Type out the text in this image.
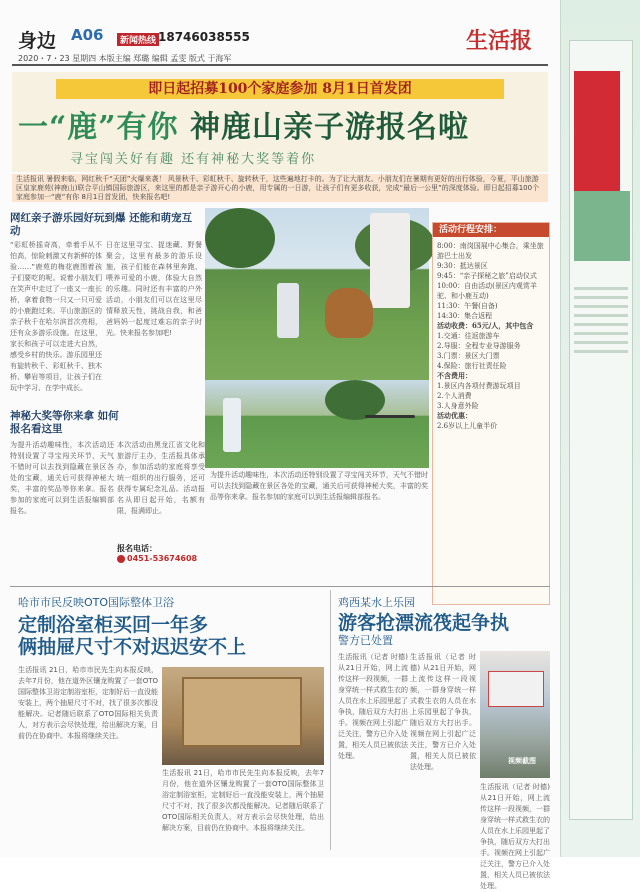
身边 A06	新闻热线 18746038555	生活报
2020・7・23 星期四 本版主编 郑璐 编辑 孟雯 版式 于海军
即日起招募100个家庭参加 8月1日首发团
一“鹿”有你 神鹿山亲子游报名啦
寻宝闯关好有趣 还有神秘大奖等着你
生活报讯 暑假来临，网红秋千“天团”火爆来袭！ 风景秋千、彩虹秋千、旋转秋千，这些遍地打卡的。为了让大朋友、小朋友们在暑期有更好的出行体验，今夏，平山旅游区皇家鹿苑(神鹿山)联合平山镇国际旅游区，来这里的都是亲子游开心的小鹿，用专属的一日游，让孩子们有更多收获，完成“最后一公里”的深度体验。即日起招募100个家庭参加一“鹿”有你 8月1日首发团，快来报名吧!
网红亲子游乐园好玩到爆 还能和萌宠互动
“彩虹桥摇奇高，牵着手从不怕高，惊险刺激又有新鲜的体验……”鹿苑的梅花鹿围着孩子们要吃的呢。说着小朋友们在笑声中走过了一座又一座长桥，拿着食物一只又一只可爱的小鹿跑过来。平山旅游区的亲子秋千在哈尔滨首次亮相，还有众多游乐设施。在这里，家长和孩子可以走进大自然，感受乡村的快乐。游乐园里还有旋转秋千、彩虹秋千、独木桥、攀岩等项目，让孩子们在玩中学习、在学中成长。
日在这里寻宝、捉迷藏、野餐聚会，这里有最多的游乐设施，孩子们能在森林里奔跑、喂养可爱的小鹿，体验大自然的乐趣。同时还有丰富的户外活动，小朋友们可以在这里尽情释放天性，挑战自我，和爸爸妈妈一起度过难忘的亲子时光。快来报名参加吧!
神秘大奖等你来拿 如何报名看这里
为提升活动趣味性，本次活动还特别设置了寻宝闯关环节，天气不错时可以去找到隐藏在景区各处的宝藏，通关后可获得神秘大奖，丰富的奖品等你来拿。报名参加的家庭可以到生活报编辑部报名。
本次活动由黑龙江省文化和旅游厅主办，生活报具体承办，参加活动的家庭将享受统一组织的出行服务，还可获得专属纪念礼品。活动报名从即日起开始，名额有限，报满即止。
为提升活动趣味性，本次活动还特别设置了寻宝闯关环节，天气不错时可以去找到隐藏在景区各处的宝藏，通关后可获得神秘大奖，丰富的奖品等你来拿。报名参加的家庭可以到生活报编辑部报名。
报名电话：
0451-53674608
活动行程安排：
8:00：南岗国展中心集合，乘坐旅游巴士出发
9:30：抵达景区
9:45：“亲子探秘之旅”启动仪式
10:00：自由活动(景区内观赏羊驼、和小鹿互动)
11:30：午餐(自备)
14:30：集合返程
活动收费：65元/人，其中包含
1.交通：往返旅游车
2.导服：全程专业导游服务
3.门票：景区大门票
4.保险：旅行社责任险
不含费用：
1.景区内各项付费游玩项目
2.个人消费
3.人身意外险
活动优惠：
2.6岁以上儿童半价
哈市市民反映OTO国际整体卫浴
定制浴室柜买回一年多
俩抽屉尺寸不对迟迟安不上
生活报讯 21日，哈市市民先生向本报反映，去年7月份，他在道外区镶龙购置了一套OTO国际整体卫浴定制浴室柜，定制好后一直没能安装上，两个抽屉尺寸不对，找了很多次都没能解决。记者随后联系了OTO国际相关负责人，对方表示会尽快处理，给出解决方案，目前仍在协商中。本报将继续关注。
生活报讯 21日，哈市市民先生向本报反映，去年7月份，他在道外区镶龙购置了一套OTO国际整体卫浴定制浴室柜，定制好后一直没能安装上，两个抽屉尺寸不对，找了很多次都没能解决。记者随后联系了OTO国际相关负责人，对方表示会尽快处理，给出解决方案，目前仍在协商中。本报将继续关注。
鸡西某水上乐园
游客抢漂流筏起争执
警方已处置
生活报讯（记者 时德) 从21日开始，网上流传这样一段视频，一群身穿统一样式救生衣的人员在水上乐园里起了争执，随后双方大打出手。视频在网上引起广泛关注，警方已介入处置，相关人员已被依法处理。
生活报讯（记者 时德) 从21日开始，网上流传这样一段视频，一群身穿统一样式救生衣的人员在水上乐园里起了争执，随后双方大打出手。视频在网上引起广泛关注，警方已介入处置，相关人员已被依法处理。
视频截图
生活报讯（记者 时德) 从21日开始，网上流传这样一段视频，一群身穿统一样式救生衣的人员在水上乐园里起了争执，随后双方大打出手。视频在网上引起广泛关注，警方已介入处置，相关人员已被依法处理。
